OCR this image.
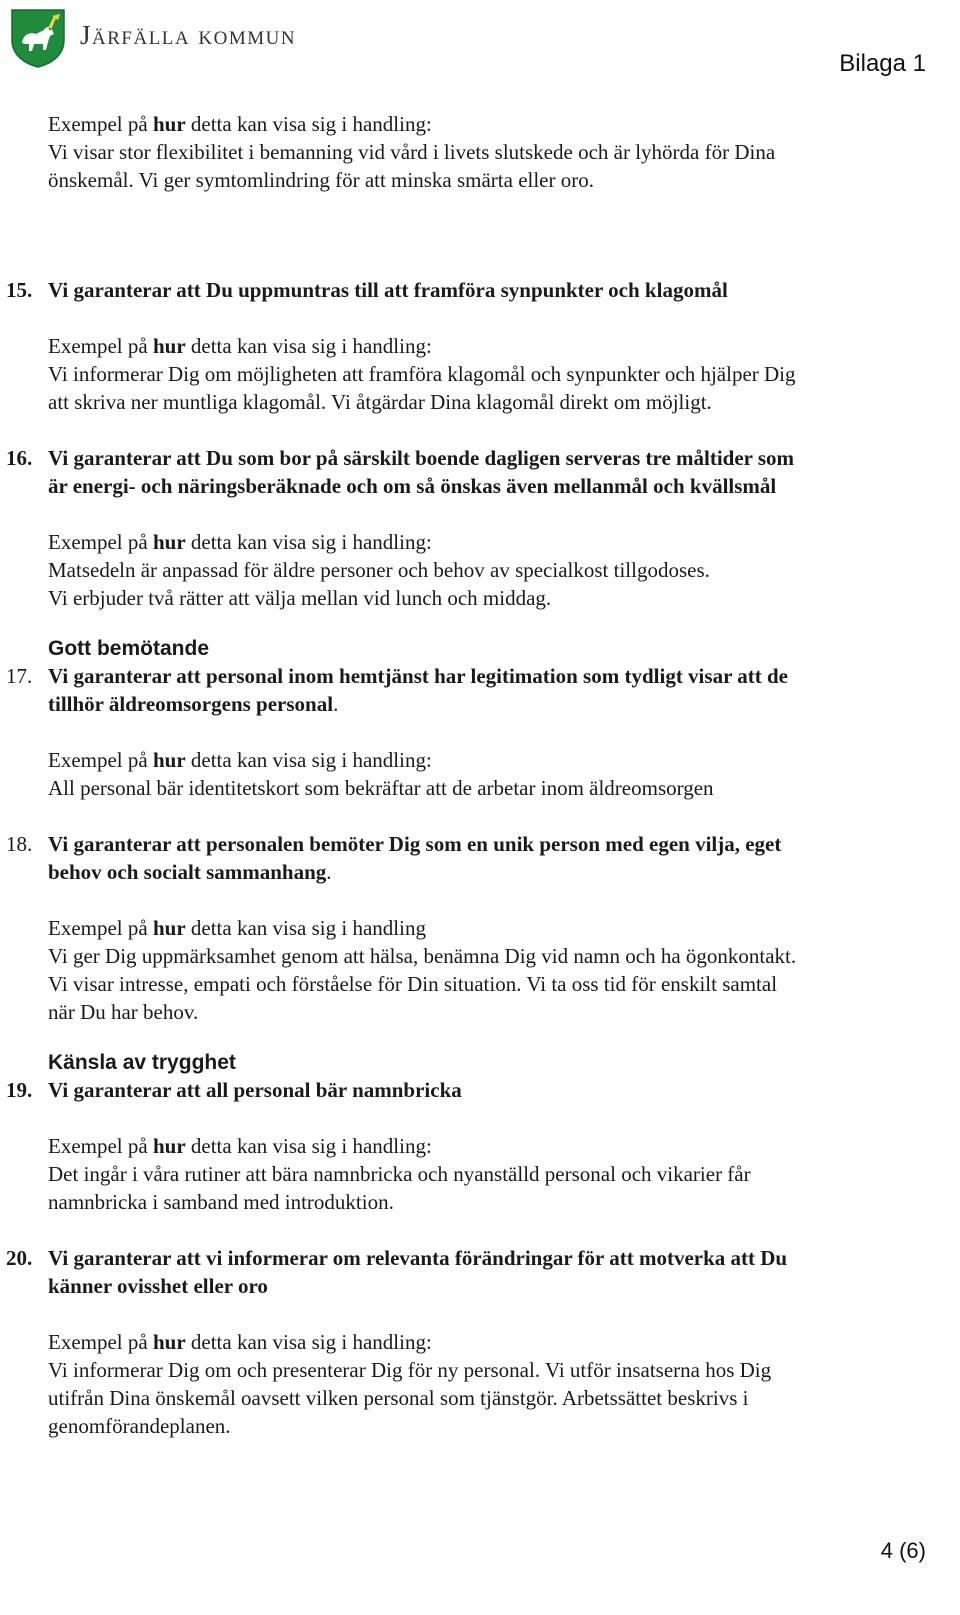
Järfälla kommun
Bilaga 1

Exempel på hur detta kan visa sig i handling:

Vi visar stor flexibilitet i bemanning vid vård i livets slutskede och är lyhörda för Dina

önskemål. Vi ger symtomlindring för att minska smärta eller oro.

15. Vi garanterar att Du uppmuntras till att framföra synpunkter och klagomål

Exempel på hur detta kan visa sig i handling:

Vi informerar Dig om möjligheten att framföra klagomål och synpunkter och hjälper Dig

att skriva ner muntliga klagomål. Vi åtgärdar Dina klagomål direkt om möjligt.

16. Vi garanterar att Du som bor på särskilt boende dagligen serveras tre måltider som

är energi- och näringsberäknade och om så önskas även mellanmål och kvällsmål

Exempel på hur detta kan visa sig i handling:

Matsedeln är anpassad för äldre personer och behov av specialkost tillgodoses.

Vi erbjuder två rätter att välja mellan vid lunch och middag.

Gott bemötande

17. Vi garanterar att personal inom hemtjänst har legitimation som tydligt visar att de

tillhör äldreomsorgens personal.

Exempel på hur detta kan visa sig i handling:

All personal bär identitetskort som bekräftar att de arbetar inom äldreomsorgen

18. Vi garanterar att personalen bemöter Dig som en unik person med egen vilja, eget

behov och socialt sammanhang.

Exempel på hur detta kan visa sig i handling

Vi ger Dig uppmärksamhet genom att hälsa, benämna Dig vid namn och ha ögonkontakt.

Vi visar intresse, empati och förståelse för Din situation. Vi ta oss tid för enskilt samtal

när Du har behov.

Känsla av trygghet

19. Vi garanterar att all personal bär namnbricka

Exempel på hur detta kan visa sig i handling:

Det ingår i våra rutiner att bära namnbricka och nyanställd personal och vikarier får

namnbricka i samband med introduktion.

20. Vi garanterar att vi informerar om relevanta förändringar för att motverka att Du

känner ovisshet eller oro

Exempel på hur detta kan visa sig i handling:

Vi informerar Dig om och presenterar Dig för ny personal. Vi utför insatserna hos Dig

utifrån Dina önskemål oavsett vilken personal som tjänstgör. Arbetssättet beskrivs i

genomförandeplanen.

4 (6)
